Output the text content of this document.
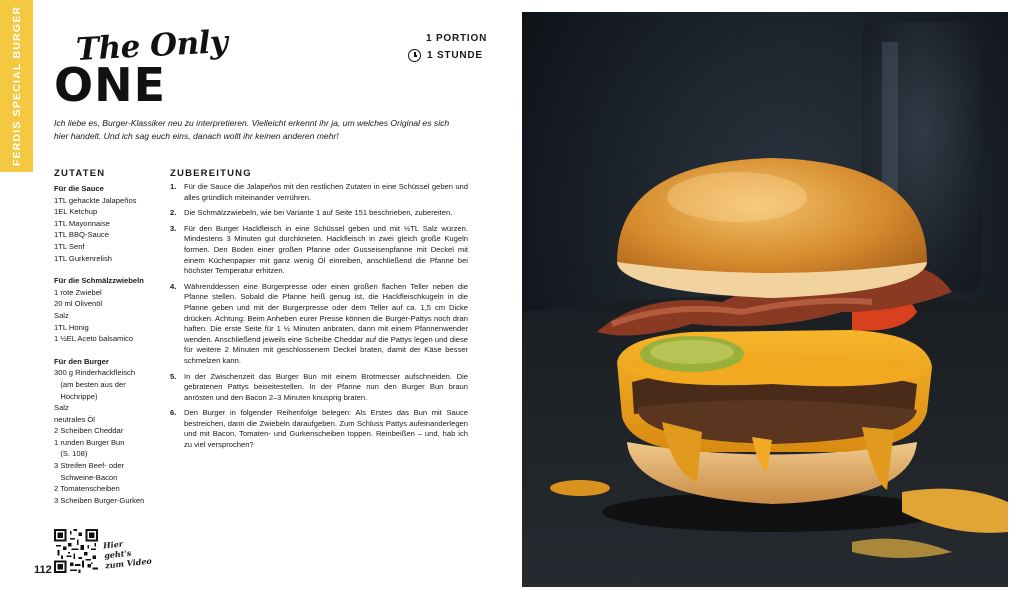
FERDIS SPECIAL BURGER The Only
ONE
1 PORTION
1 STUNDE

Ich liebe es, Burger-Klassiker neu zu interpretieren. Vielleicht erkennt ihr ja, um welches Original es sich hier handelt. Und ich sag euch eins, danach wollt ihr keinen anderen mehr!

ZUTATEN
Für die Sauce
1TL gehackte Jalapeños
1EL Ketchup
1TL Mayonnaise
1TL BBQ-Sauce
1TL Senf
1TL Gurkenrelish
Für die Schmälzzwiebeln
1 rote Zwiebel
20 ml Olivenöl
Salz
1TL Honig
1 ½EL Aceto balsamico
Für den Burger
300 g Rinderhackfleisch
(am besten aus der
Hochrippe)
Salz
neutrales Öl
2 Scheiben Cheddar
1 runden Burger Bun
(S. 108)
3 Streifen Beef- oder
Schweine-Bacon
2 Tomatenscheiben
3 Scheiben Burger-Gurken
ZUBEREITUNG
1. Für die Sauce die Jalapeños mit den restlichen Zutaten in eine Schüssel geben und alles gründlich miteinander verrühren.
2. Die Schmälzzwiebeln, wie bei Variante 1 auf Seite 151 beschrieben, zubereiten.
3. Für den Burger Hackfleisch in eine Schüssel geben und mit ½TL Salz würzen. Mindestens 3 Minuten gut durchkneten. Hackfleisch in zwei gleich große Kugeln formen. Den Boden einer großen Pfanne oder Gusseisenpfanne mit Deckel mit einem Küchenpapier mit ganz wenig Öl einreiben, anschließend die Pfanne bei höchster Temperatur erhitzen.
4. Währenddessen eine Burgerpresse oder einen großen flachen Teller neben die Pfanne stellen. Sobald die Pfanne heiß genug ist, die Hackfleischkugeln in die Pfanne geben und mit der Burgerpresse oder dem Teller auf ca. 1,5 cm Dicke drücken. Achtung: Beim Anheben eurer Presse können die Burger-Pattys noch dran haften. Die erste Seite für 1 ½ Minuten anbraten, dann mit einem Pfannenwender wenden. Anschließend jeweils eine Scheibe Cheddar auf die Pattys legen und diese für weitere 2 Minuten mit geschlossenem Deckel braten, damit der Käse besser schmelzen kann.
5. In der Zwischenzeit das Burger Bun mit einem Brotmesser aufschneiden. Die gebratenen Pattys beiseitestellen. In der Pfanne nun den Burger Bun braun anrösten und den Bacon 2–3 Minuten knusprig braten.
6. Den Burger in folgender Reihenfolge belegen: Als Erstes das Bun mit Sauce bestreichen, dann die Zwiebeln daraufgeben. Zum Schluss Pattys aufeinanderlegen und mit Bacon, Tomaten- und Gurkenscheiben toppen. Reinbeißen – und, hab ich zu viel versprochen?
Hier geht's zum Video
112
